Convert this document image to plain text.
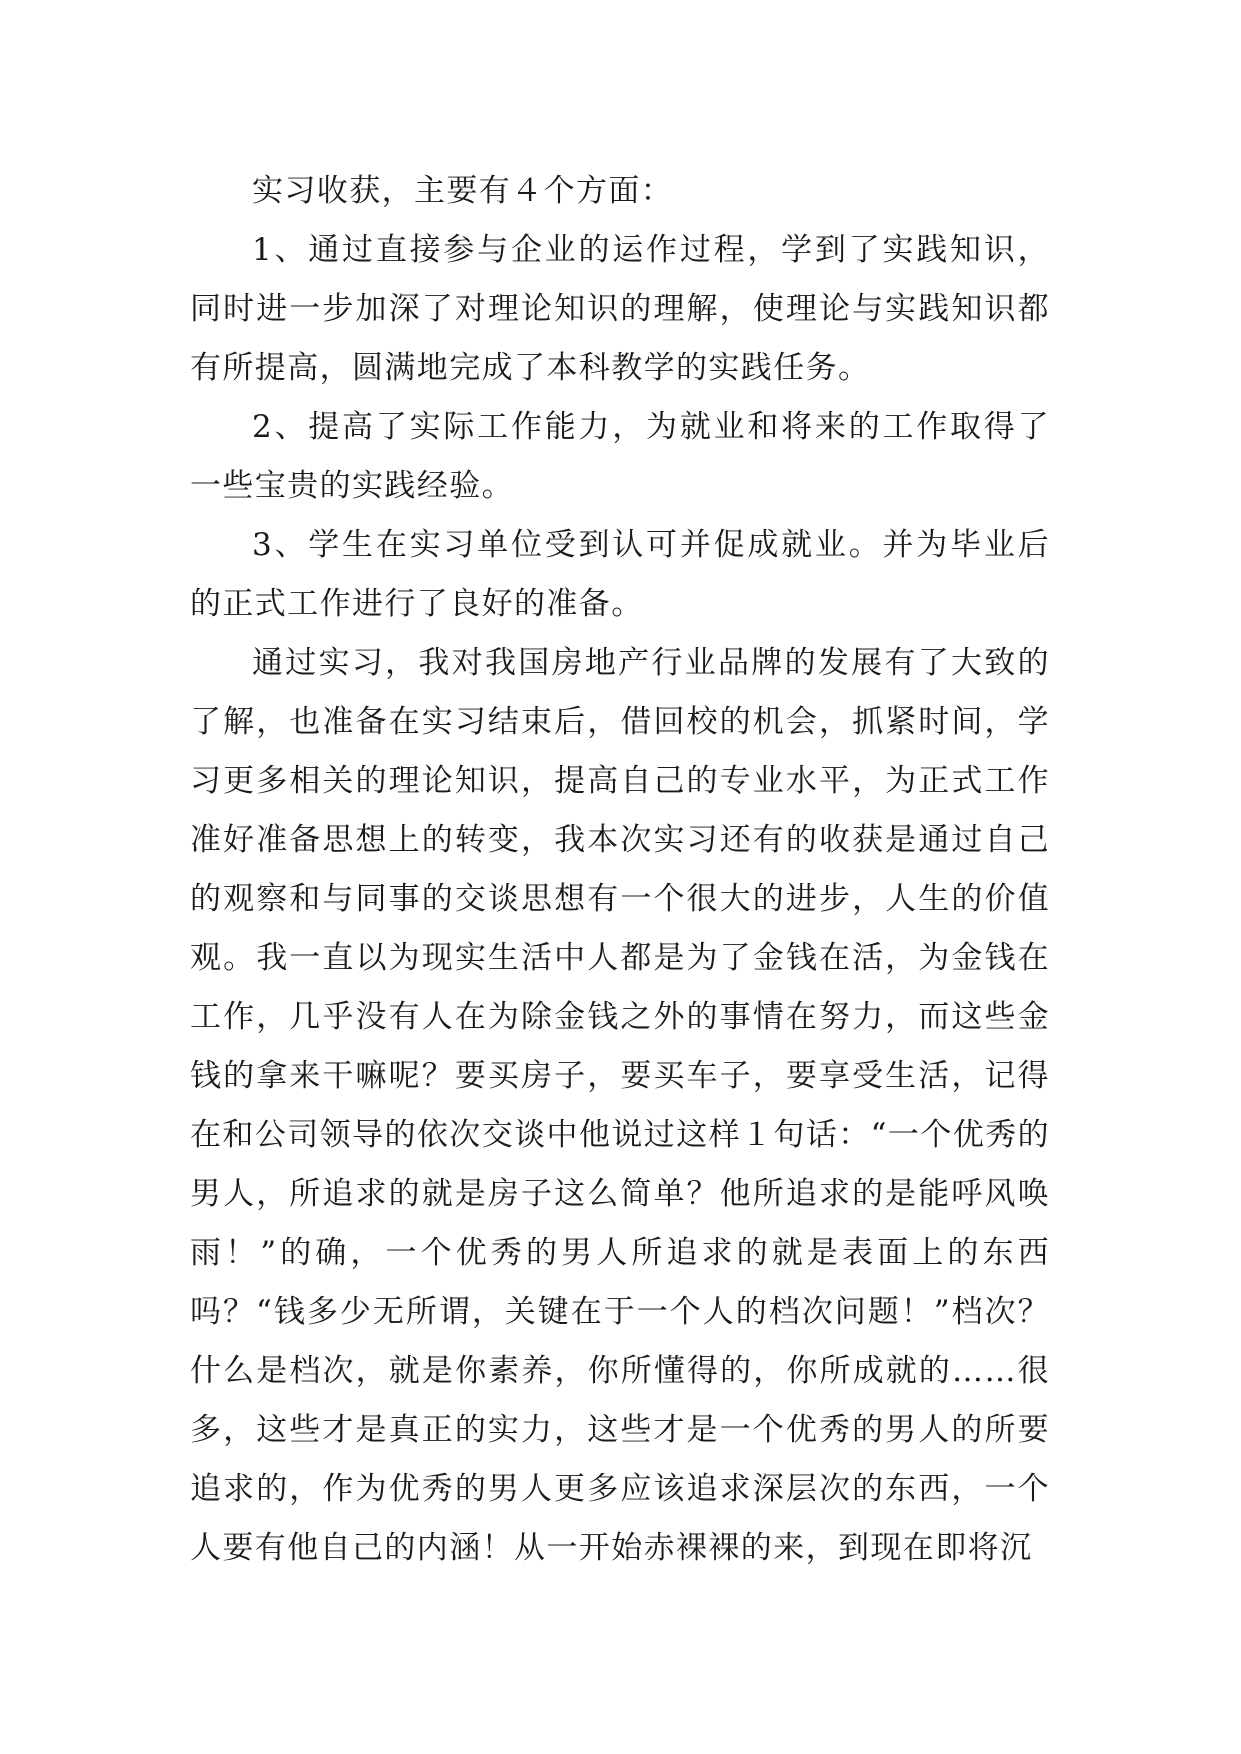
实习收获，主要有４个方面：

1、通过直接参与企业的运作过程，学到了实践知识，同时进一步加深了对理论知识的理解，使理论与实践知识都有所提高，圆满地完成了本科教学的实践任务。

2、提高了实际工作能力，为就业和将来的工作取得了一些宝贵的实践经验。

3、学生在实习单位受到认可并促成就业。并为毕业后的正式工作进行了良好的准备。

通过实习，我对我国房地产行业品牌的发展有了大致的了解，也准备在实习结束后，借回校的机会，抓紧时间，学习更多相关的理论知识，提高自己的专业水平，为正式工作准好准备思想上的转变，我本次实习还有的收获是通过自己的观察和与同事的交谈思想有一个很大的进步，人生的价值观。我一直以为现实生活中人都是为了金钱在活，为金钱在工作，几乎没有人在为除金钱之外的事情在努力，而这些金钱的拿来干嘛呢？要买房子，要买车子，要享受生活，记得在和公司领导的依次交谈中他说过这样１句话：“一个优秀的男人，所追求的就是房子这么简单？他所追求的是能呼风唤雨！”的确，一个优秀的男人所追求的就是表面上的东西吗？“钱多少无所谓，关键在于一个人的档次问题！”档次？什么是档次，就是你素养，你所懂得的，你所成就的……很多，这些才是真正的实力，这些才是一个优秀的男人的所要追求的，作为优秀的男人更多应该追求深层次的东西，一个人要有他自己的内涵！从一开始赤裸裸的来，到现在即将沉
